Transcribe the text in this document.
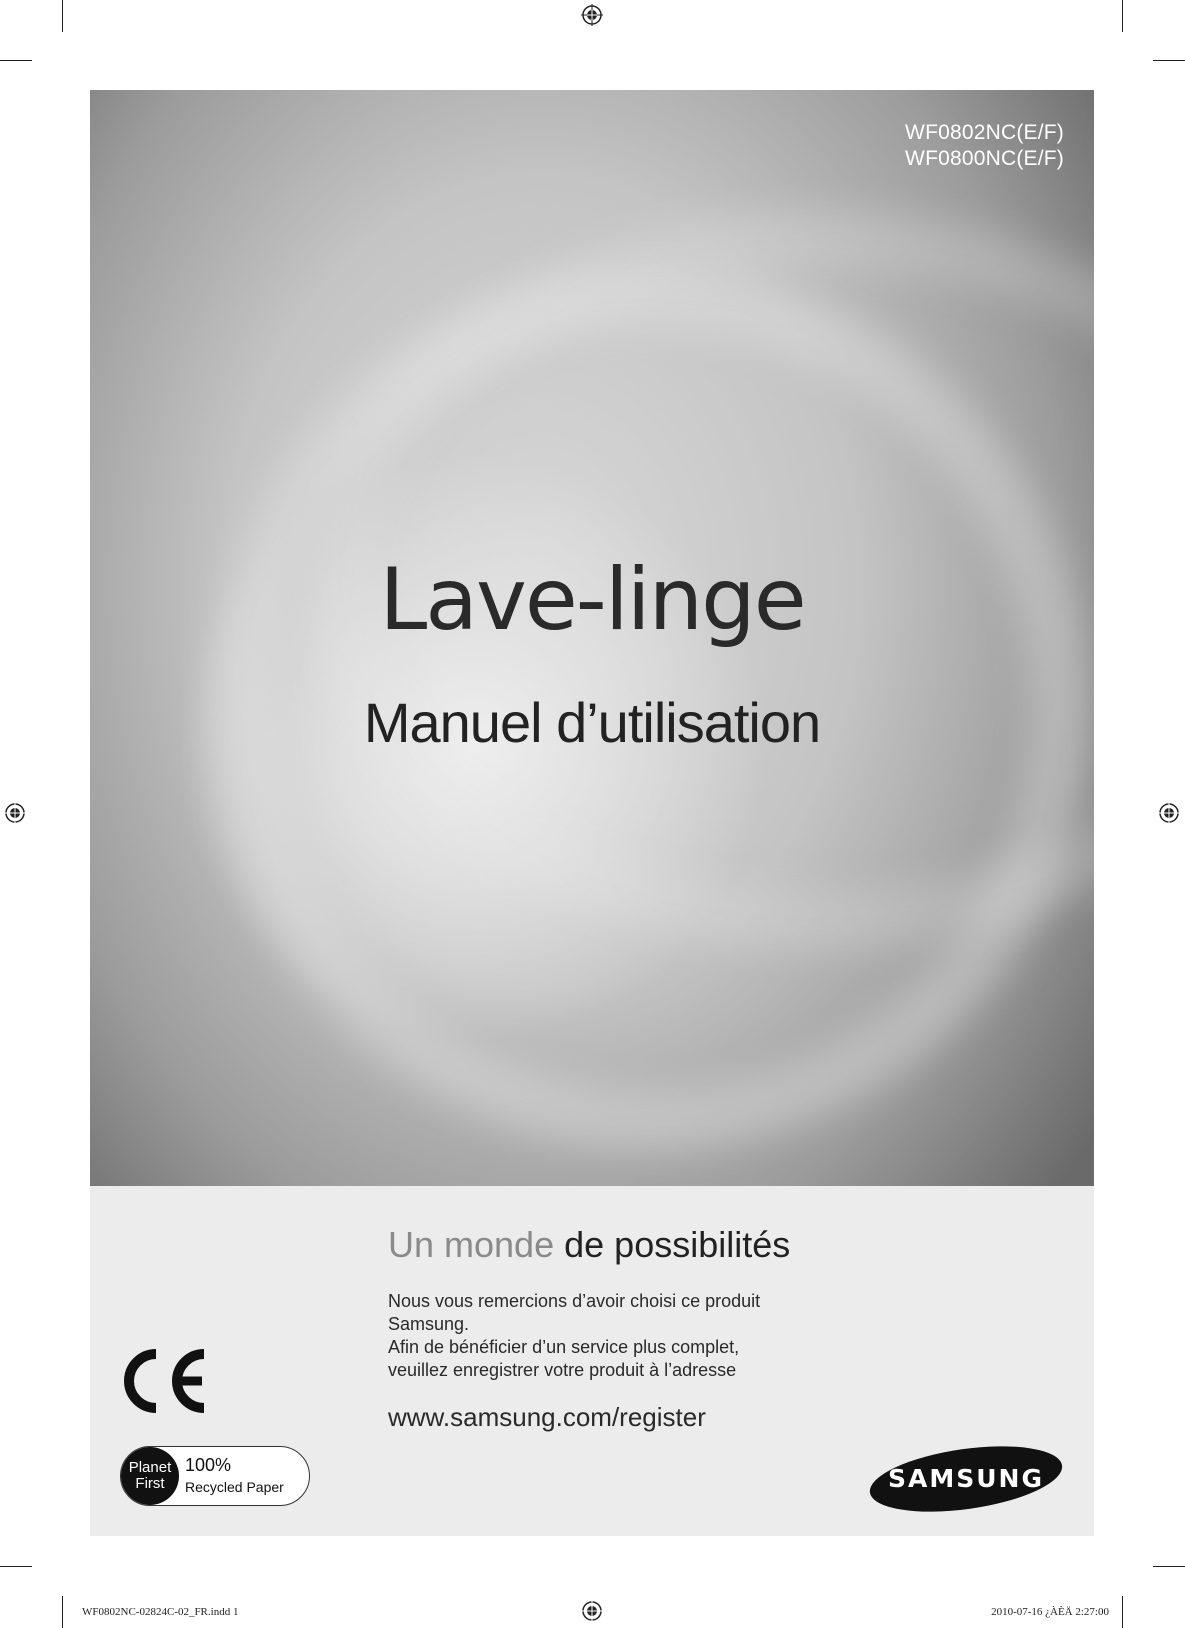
WF0802NC(E/F)
WF0800NC(E/F)
Lave-linge
Manuel d’utilisation
Un monde de possibilités
Nous vous remercions d’avoir choisi ce produit
Samsung.
Afin de bénéficier d’un service plus complet,
veuillez enregistrer votre produit à l’adresse
www.samsung.com/register
Planet
First
100%
Recycled Paper	SAMSUNG
WF0802NC-02824C-02_FR.indd 1	2010-07-16 ¿ÀÈÄ 2:27:00
